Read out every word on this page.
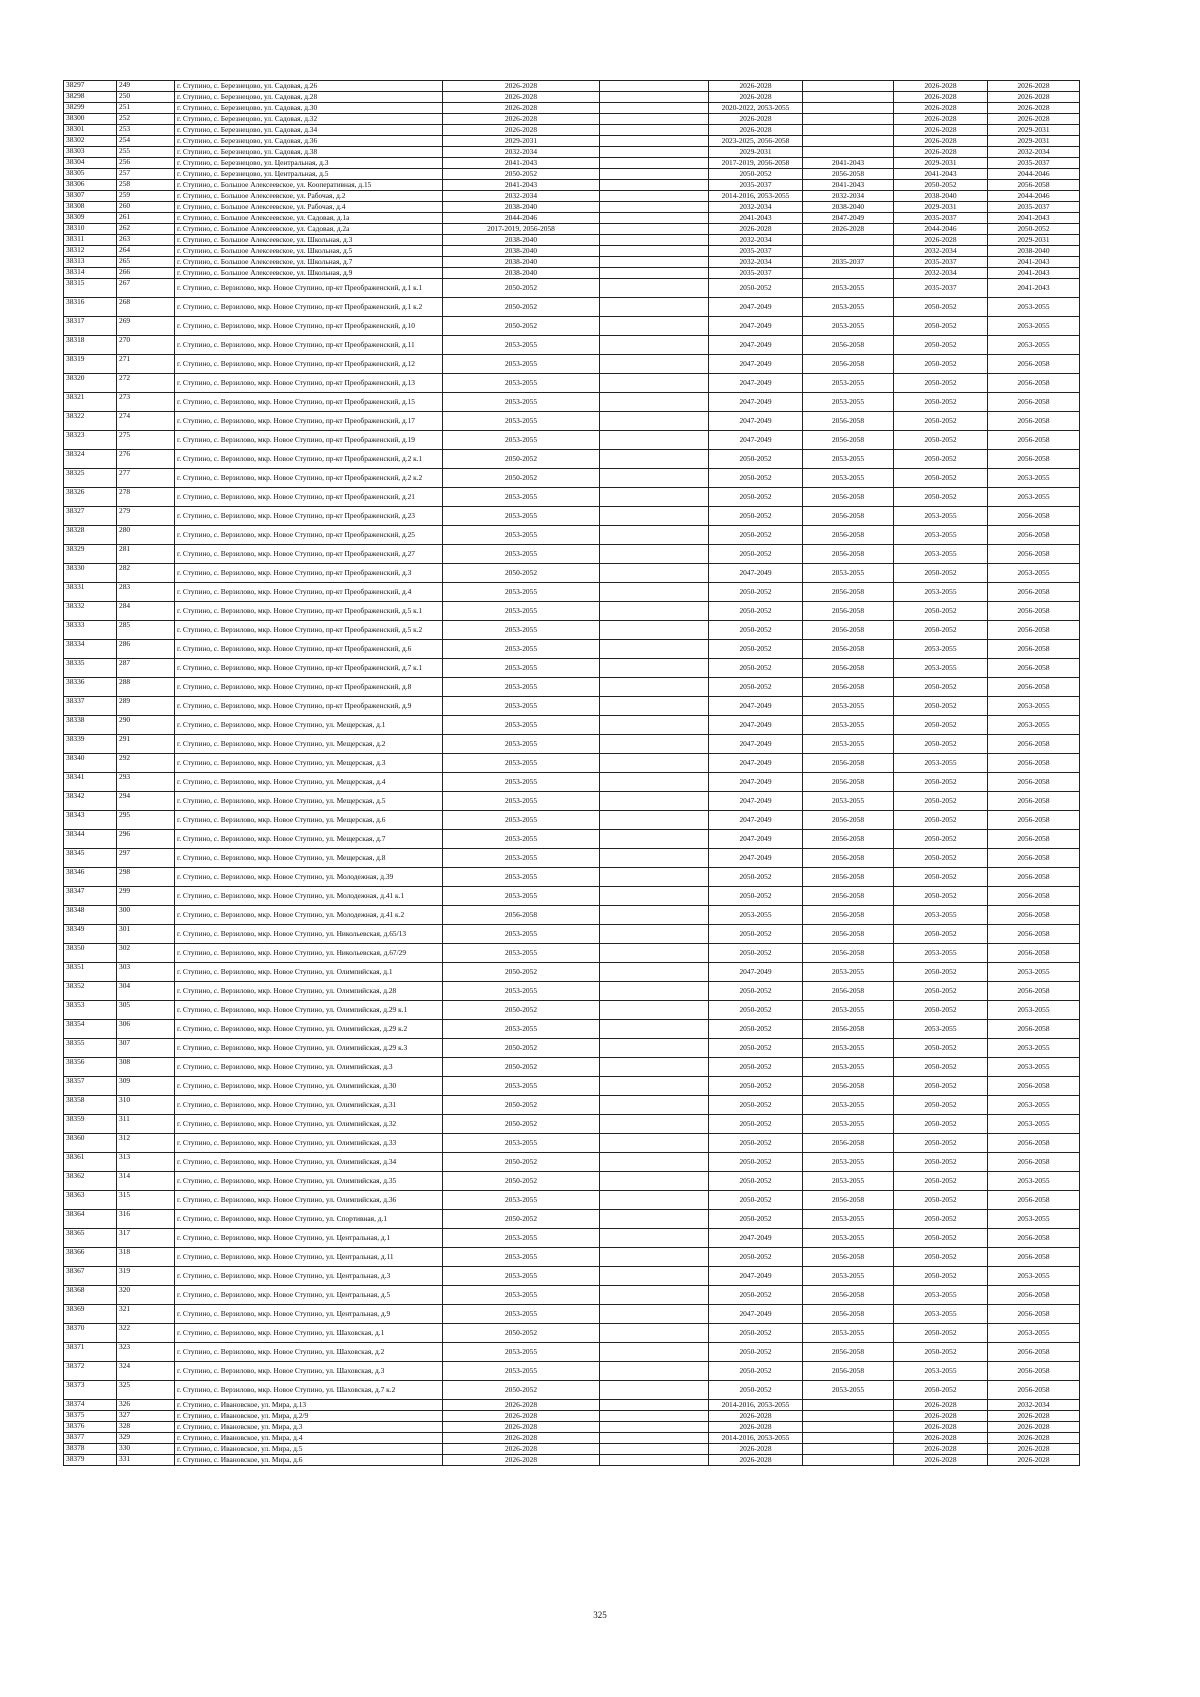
38297	249	г. Ступино, с. Березнецово, ул. Садовая, д.26	2026-2028		2026-2028		2026-2028	2026-2028
38298	250	г. Ступино, с. Березнецово, ул. Садовая, д.28	2026-2028		2026-2028		2026-2028	2026-2028
38299	251	г. Ступино, с. Березнецово, ул. Садовая, д.30	2026-2028		2020-2022, 2053-2055		2026-2028	2026-2028
38300	252	г. Ступино, с. Березнецово, ул. Садовая, д.32	2026-2028		2026-2028		2026-2028	2026-2028
38301	253	г. Ступино, с. Березнецово, ул. Садовая, д.34	2026-2028		2026-2028		2026-2028	2029-2031
38302	254	г. Ступино, с. Березнецово, ул. Садовая, д.36	2029-2031		2023-2025, 2056-2058		2026-2028	2029-2031
38303	255	г. Ступино, с. Березнецово, ул. Садовая, д.38	2032-2034		2029-2031		2026-2028	2032-2034
38304	256	г. Ступино, с. Березнецово, ул. Центральная, д.3	2041-2043		2017-2019, 2056-2058	2041-2043	2029-2031	2035-2037
38305	257	г. Ступино, с. Березнецово, ул. Центральная, д.5	2050-2052		2050-2052	2056-2058	2041-2043	2044-2046
38306	258	г. Ступино, с. Большое Алексеевское, ул. Кооперативная, д.15	2041-2043		2035-2037	2041-2043	2050-2052	2056-2058
38307	259	г. Ступино, с. Большое Алексеевское, ул. Рабочая, д.2	2032-2034		2014-2016, 2053-2055	2032-2034	2038-2040	2044-2046
38308	260	г. Ступино, с. Большое Алексеевское, ул. Рабочая, д.4	2038-2040		2032-2034	2038-2040	2029-2031	2035-2037
38309	261	г. Ступино, с. Большое Алексеевское, ул. Садовая, д.1а	2044-2046		2041-2043	2047-2049	2035-2037	2041-2043
38310	262	г. Ступино, с. Большое Алексеевское, ул. Садовая, д.2а	2017-2019, 2056-2058		2026-2028	2026-2028	2044-2046	2050-2052
38311	263	г. Ступино, с. Большое Алексеевское, ул. Школьная, д.3	2038-2040		2032-2034		2026-2028	2029-2031
38312	264	г. Ступино, с. Большое Алексеевское, ул. Школьная, д.5	2038-2040		2035-2037		2032-2034	2038-2040
38313	265	г. Ступино, с. Большое Алексеевское, ул. Школьная, д.7	2038-2040		2032-2034	2035-2037	2035-2037	2041-2043
38314	266	г. Ступино, с. Большое Алексеевское, ул. Школьная, д.9	2038-2040		2035-2037		2032-2034	2041-2043
38315	267	г. Ступино, с. Верзилово, мкр. Новое Ступино, пр-кт Преображенский, д.1 к.1	2050-2052		2050-2052	2053-2055	2035-2037	2041-2043
38316	268	г. Ступино, с. Верзилово, мкр. Новое Ступино, пр-кт Преображенский, д.1 к.2	2050-2052		2047-2049	2053-2055	2050-2052	2053-2055
38317	269	г. Ступино, с. Верзилово, мкр. Новое Ступино, пр-кт Преображенский, д.10	2050-2052		2047-2049	2053-2055	2050-2052	2053-2055
38318	270	г. Ступино, с. Верзилово, мкр. Новое Ступино, пр-кт Преображенский, д.11	2053-2055		2047-2049	2056-2058	2050-2052	2053-2055
38319	271	г. Ступино, с. Верзилово, мкр. Новое Ступино, пр-кт Преображенский, д.12	2053-2055		2047-2049	2056-2058	2050-2052	2056-2058
38320	272	г. Ступино, с. Верзилово, мкр. Новое Ступино, пр-кт Преображенский, д.13	2053-2055		2047-2049	2053-2055	2050-2052	2056-2058
38321	273	г. Ступино, с. Верзилово, мкр. Новое Ступино, пр-кт Преображенский, д.15	2053-2055		2047-2049	2053-2055	2050-2052	2056-2058
38322	274	г. Ступино, с. Верзилово, мкр. Новое Ступино, пр-кт Преображенский, д.17	2053-2055		2047-2049	2056-2058	2050-2052	2056-2058
38323	275	г. Ступино, с. Верзилово, мкр. Новое Ступино, пр-кт Преображенский, д.19	2053-2055		2047-2049	2056-2058	2050-2052	2056-2058
38324	276	г. Ступино, с. Верзилово, мкр. Новое Ступино, пр-кт Преображенский, д.2 к.1	2050-2052		2050-2052	2053-2055	2050-2052	2056-2058
38325	277	г. Ступино, с. Верзилово, мкр. Новое Ступино, пр-кт Преображенский, д.2 к.2	2050-2052		2050-2052	2053-2055	2050-2052	2053-2055
38326	278	г. Ступино, с. Верзилово, мкр. Новое Ступино, пр-кт Преображенский, д.21	2053-2055		2050-2052	2056-2058	2050-2052	2053-2055
38327	279	г. Ступино, с. Верзилово, мкр. Новое Ступино, пр-кт Преображенский, д.23	2053-2055		2050-2052	2056-2058	2053-2055	2056-2058
38328	280	г. Ступино, с. Верзилово, мкр. Новое Ступино, пр-кт Преображенский, д.25	2053-2055		2050-2052	2056-2058	2053-2055	2056-2058
38329	281	г. Ступино, с. Верзилово, мкр. Новое Ступино, пр-кт Преображенский, д.27	2053-2055		2050-2052	2056-2058	2053-2055	2056-2058
38330	282	г. Ступино, с. Верзилово, мкр. Новое Ступино, пр-кт Преображенский, д.3	2050-2052		2047-2049	2053-2055	2050-2052	2053-2055
38331	283	г. Ступино, с. Верзилово, мкр. Новое Ступино, пр-кт Преображенский, д.4	2053-2055		2050-2052	2056-2058	2053-2055	2056-2058
38332	284	г. Ступино, с. Верзилово, мкр. Новое Ступино, пр-кт Преображенский, д.5 к.1	2053-2055		2050-2052	2056-2058	2050-2052	2056-2058
38333	285	г. Ступино, с. Верзилово, мкр. Новое Ступино, пр-кт Преображенский, д.5 к.2	2053-2055		2050-2052	2056-2058	2050-2052	2056-2058
38334	286	г. Ступино, с. Верзилово, мкр. Новое Ступино, пр-кт Преображенский, д.6	2053-2055		2050-2052	2056-2058	2053-2055	2056-2058
38335	287	г. Ступино, с. Верзилово, мкр. Новое Ступино, пр-кт Преображенский, д.7 к.1	2053-2055		2050-2052	2056-2058	2053-2055	2056-2058
38336	288	г. Ступино, с. Верзилово, мкр. Новое Ступино, пр-кт Преображенский, д.8	2053-2055		2050-2052	2056-2058	2050-2052	2056-2058
38337	289	г. Ступино, с. Верзилово, мкр. Новое Ступино, пр-кт Преображенский, д.9	2053-2055		2047-2049	2053-2055	2050-2052	2053-2055
38338	290	г. Ступино, с. Верзилово, мкр. Новое Ступино, ул. Мещерская, д.1	2053-2055		2047-2049	2053-2055	2050-2052	2053-2055
38339	291	г. Ступино, с. Верзилово, мкр. Новое Ступино, ул. Мещерская, д.2	2053-2055		2047-2049	2053-2055	2050-2052	2056-2058
38340	292	г. Ступино, с. Верзилово, мкр. Новое Ступино, ул. Мещерская, д.3	2053-2055		2047-2049	2056-2058	2053-2055	2056-2058
38341	293	г. Ступино, с. Верзилово, мкр. Новое Ступино, ул. Мещерская, д.4	2053-2055		2047-2049	2056-2058	2050-2052	2056-2058
38342	294	г. Ступино, с. Верзилово, мкр. Новое Ступино, ул. Мещерская, д.5	2053-2055		2047-2049	2053-2055	2050-2052	2056-2058
38343	295	г. Ступино, с. Верзилово, мкр. Новое Ступино, ул. Мещерская, д.6	2053-2055		2047-2049	2056-2058	2050-2052	2056-2058
38344	296	г. Ступино, с. Верзилово, мкр. Новое Ступино, ул. Мещерская, д.7	2053-2055		2047-2049	2056-2058	2050-2052	2056-2058
38345	297	г. Ступино, с. Верзилово, мкр. Новое Ступино, ул. Мещерская, д.8	2053-2055		2047-2049	2056-2058	2050-2052	2056-2058
38346	298	г. Ступино, с. Верзилово, мкр. Новое Ступино, ул. Молодежная, д.39	2053-2055		2050-2052	2056-2058	2050-2052	2056-2058
38347	299	г. Ступино, с. Верзилово, мкр. Новое Ступино, ул. Молодежная, д.41 к.1	2053-2055		2050-2052	2056-2058	2050-2052	2056-2058
38348	300	г. Ступино, с. Верзилово, мкр. Новое Ступино, ул. Молодежная, д.41 к.2	2056-2058		2053-2055	2056-2058	2053-2055	2056-2058
38349	301	г. Ступино, с. Верзилово, мкр. Новое Ступино, ул. Никольевская, д.65/13	2053-2055		2050-2052	2056-2058	2050-2052	2056-2058
38350	302	г. Ступино, с. Верзилово, мкр. Новое Ступино, ул. Никольевская, д.67/29	2053-2055		2050-2052	2056-2058	2053-2055	2056-2058
38351	303	г. Ступино, с. Верзилово, мкр. Новое Ступино, ул. Олимпийская, д.1	2050-2052		2047-2049	2053-2055	2050-2052	2053-2055
38352	304	г. Ступино, с. Верзилово, мкр. Новое Ступино, ул. Олимпийская, д.28	2053-2055		2050-2052	2056-2058	2050-2052	2056-2058
38353	305	г. Ступино, с. Верзилово, мкр. Новое Ступино, ул. Олимпийская, д.29 к.1	2050-2052		2050-2052	2053-2055	2050-2052	2053-2055
38354	306	г. Ступино, с. Верзилово, мкр. Новое Ступино, ул. Олимпийская, д.29 к.2	2053-2055		2050-2052	2056-2058	2053-2055	2056-2058
38355	307	г. Ступино, с. Верзилово, мкр. Новое Ступино, ул. Олимпийская, д.29 к.3	2050-2052		2050-2052	2053-2055	2050-2052	2053-2055
38356	308	г. Ступино, с. Верзилово, мкр. Новое Ступино, ул. Олимпийская, д.3	2050-2052		2050-2052	2053-2055	2050-2052	2053-2055
38357	309	г. Ступино, с. Верзилово, мкр. Новое Ступино, ул. Олимпийская, д.30	2053-2055		2050-2052	2056-2058	2050-2052	2056-2058
38358	310	г. Ступино, с. Верзилово, мкр. Новое Ступино, ул. Олимпийская, д.31	2050-2052		2050-2052	2053-2055	2050-2052	2053-2055
38359	311	г. Ступино, с. Верзилово, мкр. Новое Ступино, ул. Олимпийская, д.32	2050-2052		2050-2052	2053-2055	2050-2052	2053-2055
38360	312	г. Ступино, с. Верзилово, мкр. Новое Ступино, ул. Олимпийская, д.33	2053-2055		2050-2052	2056-2058	2050-2052	2056-2058
38361	313	г. Ступино, с. Верзилово, мкр. Новое Ступино, ул. Олимпийская, д.34	2050-2052		2050-2052	2053-2055	2050-2052	2056-2058
38362	314	г. Ступино, с. Верзилово, мкр. Новое Ступино, ул. Олимпийская, д.35	2050-2052		2050-2052	2053-2055	2050-2052	2053-2055
38363	315	г. Ступино, с. Верзилово, мкр. Новое Ступино, ул. Олимпийская, д.36	2053-2055		2050-2052	2056-2058	2050-2052	2056-2058
38364	316	г. Ступино, с. Верзилово, мкр. Новое Ступино, ул. Спортивная, д.1	2050-2052		2050-2052	2053-2055	2050-2052	2053-2055
38365	317	г. Ступино, с. Верзилово, мкр. Новое Ступино, ул. Центральная, д.1	2053-2055		2047-2049	2053-2055	2050-2052	2056-2058
38366	318	г. Ступино, с. Верзилово, мкр. Новое Ступино, ул. Центральная, д.11	2053-2055		2050-2052	2056-2058	2050-2052	2056-2058
38367	319	г. Ступино, с. Верзилово, мкр. Новое Ступино, ул. Центральная, д.3	2053-2055		2047-2049	2053-2055	2050-2052	2053-2055
38368	320	г. Ступино, с. Верзилово, мкр. Новое Ступино, ул. Центральная, д.5	2053-2055		2050-2052	2056-2058	2053-2055	2056-2058
38369	321	г. Ступино, с. Верзилово, мкр. Новое Ступино, ул. Центральная, д.9	2053-2055		2047-2049	2056-2058	2053-2055	2056-2058
38370	322	г. Ступино, с. Верзилово, мкр. Новое Ступино, ул. Шаховская, д.1	2050-2052		2050-2052	2053-2055	2050-2052	2053-2055
38371	323	г. Ступино, с. Верзилово, мкр. Новое Ступино, ул. Шаховская, д.2	2053-2055		2050-2052	2056-2058	2050-2052	2056-2058
38372	324	г. Ступино, с. Верзилово, мкр. Новое Ступино, ул. Шаховская, д.3	2053-2055		2050-2052	2056-2058	2053-2055	2056-2058
38373	325	г. Ступино, с. Верзилово, мкр. Новое Ступино, ул. Шаховская, д.7 к.2	2050-2052		2050-2052	2053-2055	2050-2052	2056-2058
38374	326	г. Ступино, с. Ивановское, ул. Мира, д.13	2026-2028		2014-2016, 2053-2055		2026-2028	2032-2034
38375	327	г. Ступино, с. Ивановское, ул. Мира, д.2/9	2026-2028		2026-2028		2026-2028	2026-2028
38376	328	г. Ступино, с. Ивановское, ул. Мира, д.3	2026-2028		2026-2028		2026-2028	2026-2028
38377	329	г. Ступино, с. Ивановское, ул. Мира, д.4	2026-2028		2014-2016, 2053-2055		2026-2028	2026-2028
38378	330	г. Ступино, с. Ивановское, ул. Мира, д.5	2026-2028		2026-2028		2026-2028	2026-2028
38379	331	г. Ступино, с. Ивановское, ул. Мира, д.6	2026-2028		2026-2028		2026-2028	2026-2028
325
